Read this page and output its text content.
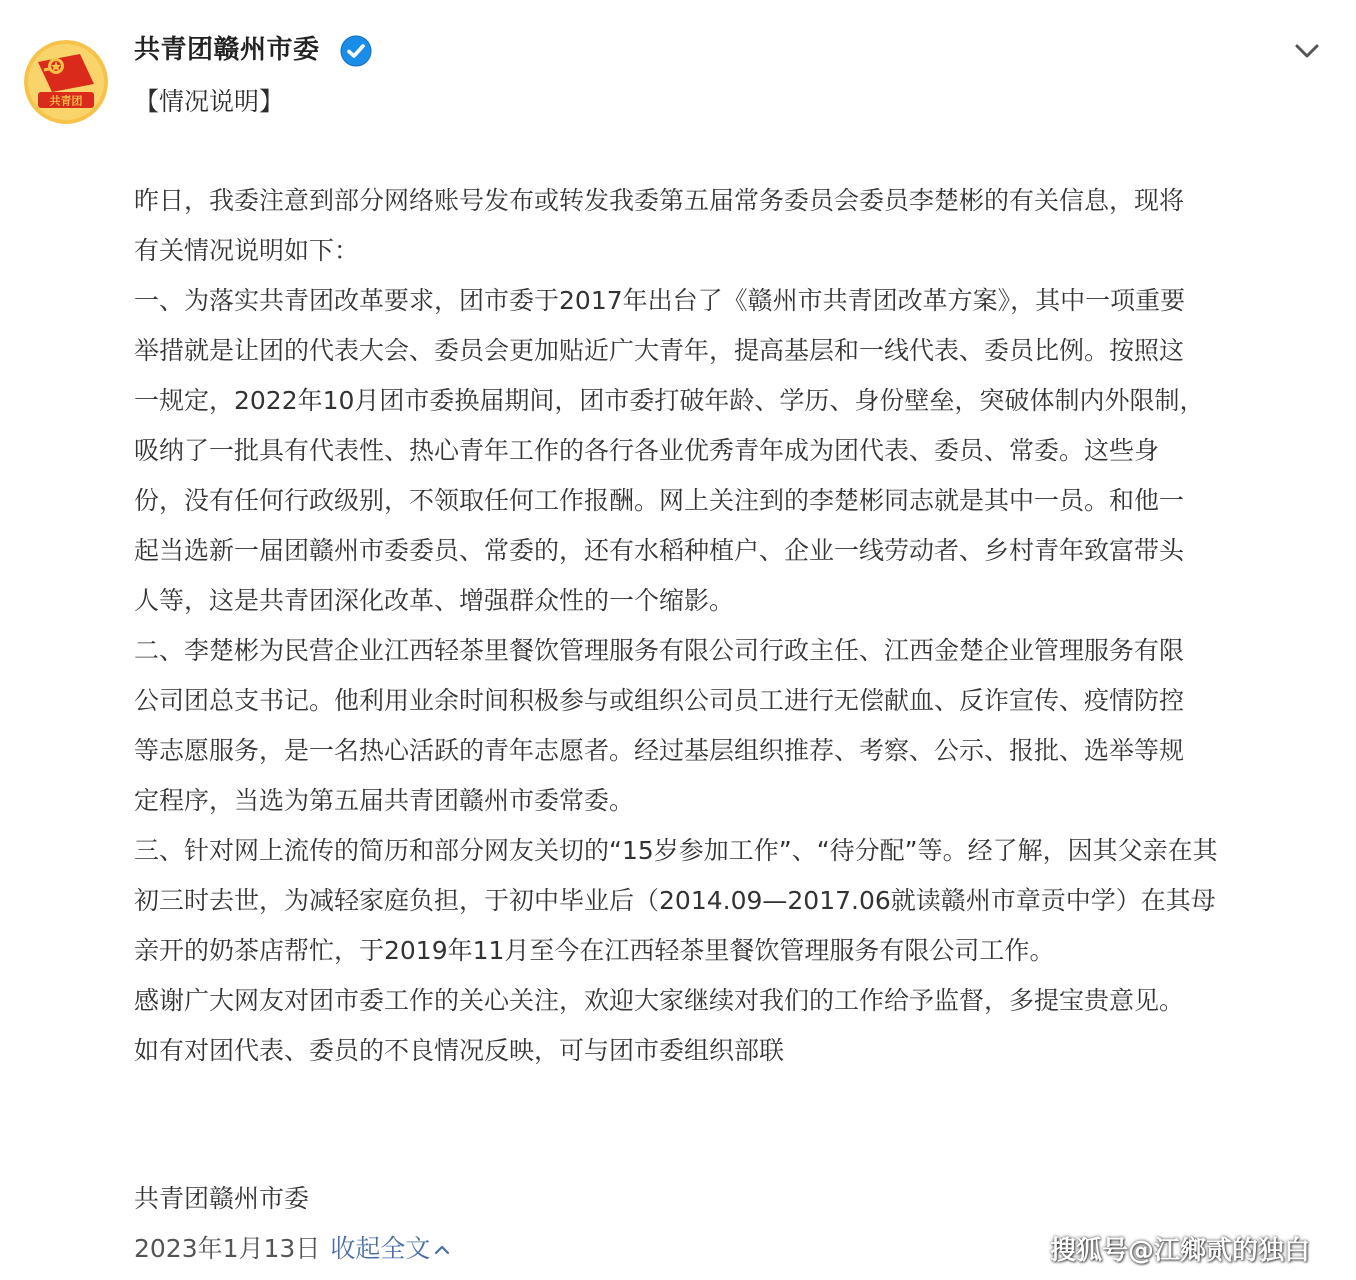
共青团
共青团赣州市委
【情况说明】
昨日，我委注意到部分网络账号发布或转发我委第五届常务委员会委员李楚彬的有关信息，现将
有关情况说明如下：
一、为落实共青团改革要求，团市委于2017年出台了《赣州市共青团改革方案》，其中一项重要
举措就是让团的代表大会、委员会更加贴近广大青年，提高基层和一线代表、委员比例。按照这
一规定，2022年10月团市委换届期间，团市委打破年龄、学历、身份壁垒，突破体制内外限制，
吸纳了一批具有代表性、热心青年工作的各行各业优秀青年成为团代表、委员、常委。这些身
份，没有任何行政级别，不领取任何工作报酬。网上关注到的李楚彬同志就是其中一员。和他一
起当选新一届团赣州市委委员、常委的，还有水稻种植户、企业一线劳动者、乡村青年致富带头
人等，这是共青团深化改革、增强群众性的一个缩影。
二、李楚彬为民营企业江西轻茶里餐饮管理服务有限公司行政主任、江西金楚企业管理服务有限
公司团总支书记。他利用业余时间积极参与或组织公司员工进行无偿献血、反诈宣传、疫情防控
等志愿服务，是一名热心活跃的青年志愿者。经过基层组织推荐、考察、公示、报批、选举等规
定程序，当选为第五届共青团赣州市委常委。
三、针对网上流传的简历和部分网友关切的“15岁参加工作”、“待分配”等。经了解，因其父亲在其
初三时去世，为减轻家庭负担，于初中毕业后（2014.09—2017.06就读赣州市章贡中学）在其母
亲开的奶茶店帮忙，于2019年11月至今在江西轻茶里餐饮管理服务有限公司工作。
感谢广大网友对团市委工作的关心关注，欢迎大家继续对我们的工作给予监督，多提宝贵意见。
如有对团代表、委员的不良情况反映，可与团市委组织部联
共青团赣州市委
2023年1月13日 收起全文	搜狐号@江鄉贰的独白
